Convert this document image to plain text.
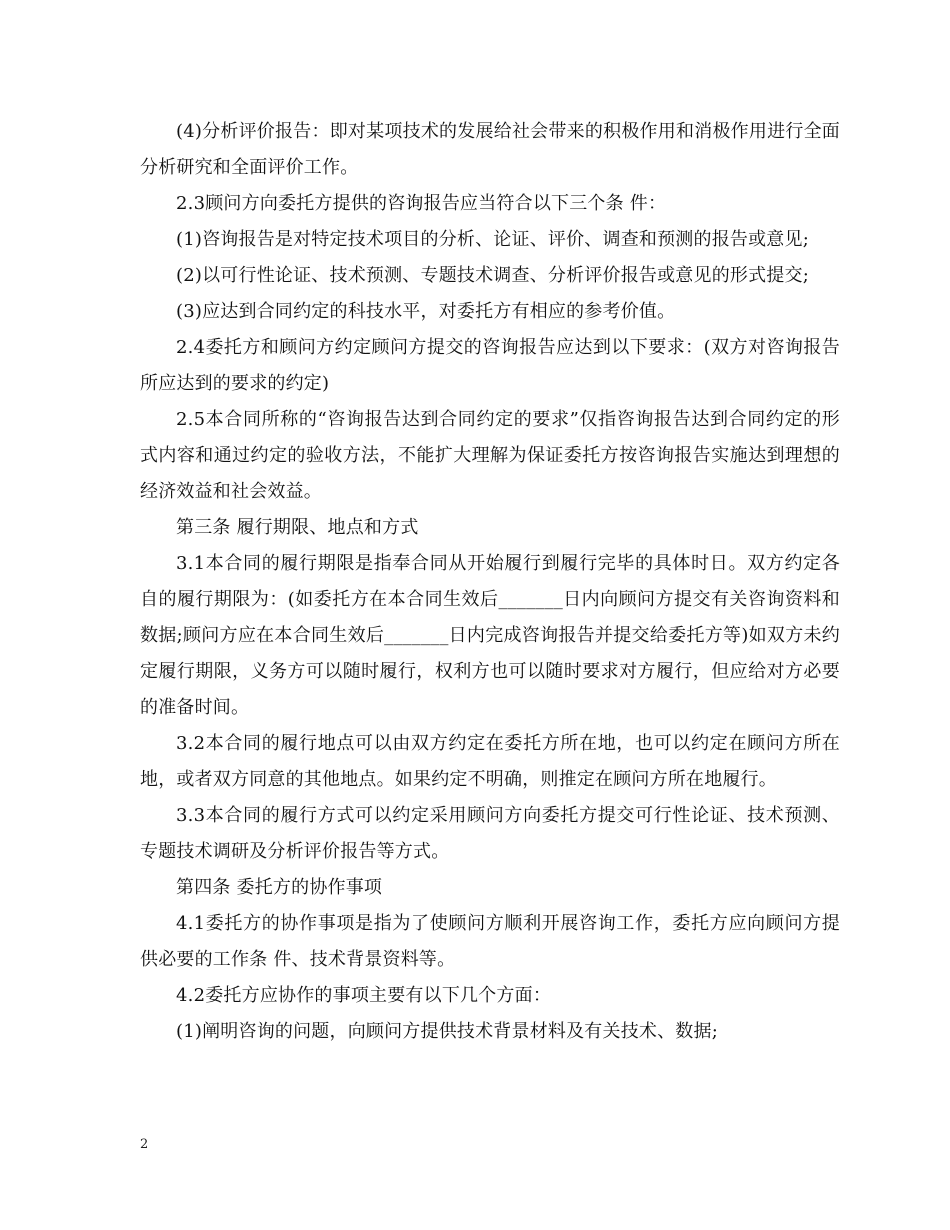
(4)分析评价报告：即对某项技术的发展给社会带来的积极作用和消极作用进行全面分析研究和全面评价工作。

2.3顾问方向委托方提供的咨询报告应当符合以下三个条 件：

(1)咨询报告是对特定技术项目的分析、论证、评价、调查和预测的报告或意见;

(2)以可行性论证、技术预测、专题技术调查、分析评价报告或意见的形式提交;

(3)应达到合同约定的科技水平，对委托方有相应的参考价值。

2.4委托方和顾问方约定顾问方提交的咨询报告应达到以下要求：(双方对咨询报告所应达到的要求的约定)

2.5本合同所称的“咨询报告达到合同约定的要求”仅指咨询报告达到合同约定的形式内容和通过约定的验收方法，不能扩大理解为保证委托方按咨询报告实施达到理想的经济效益和社会效益。

第三条 履行期限、地点和方式

3.1本合同的履行期限是指奉合同从开始履行到履行完毕的具体时日。双方约定各自的履行期限为：(如委托方在本合同生效后_______日内向顾问方提交有关咨询资料和数据;顾问方应在本合同生效后_______日内完成咨询报告并提交给委托方等)如双方未约定履行期限，义务方可以随时履行，权利方也可以随时要求对方履行，但应给对方必要的准备时间。

3.2本合同的履行地点可以由双方约定在委托方所在地，也可以约定在顾问方所在地，或者双方同意的其他地点。如果约定不明确，则推定在顾问方所在地履行。

3.3本合同的履行方式可以约定采用顾问方向委托方提交可行性论证、技术预测、专题技术调研及分析评价报告等方式。

第四条 委托方的协作事项

4.1委托方的协作事项是指为了使顾问方顺利开展咨询工作，委托方应向顾问方提供必要的工作条 件、技术背景资料等。

4.2委托方应协作的事项主要有以下几个方面：

(1)阐明咨询的问题，向顾问方提供技术背景材料及有关技术、数据;

2
